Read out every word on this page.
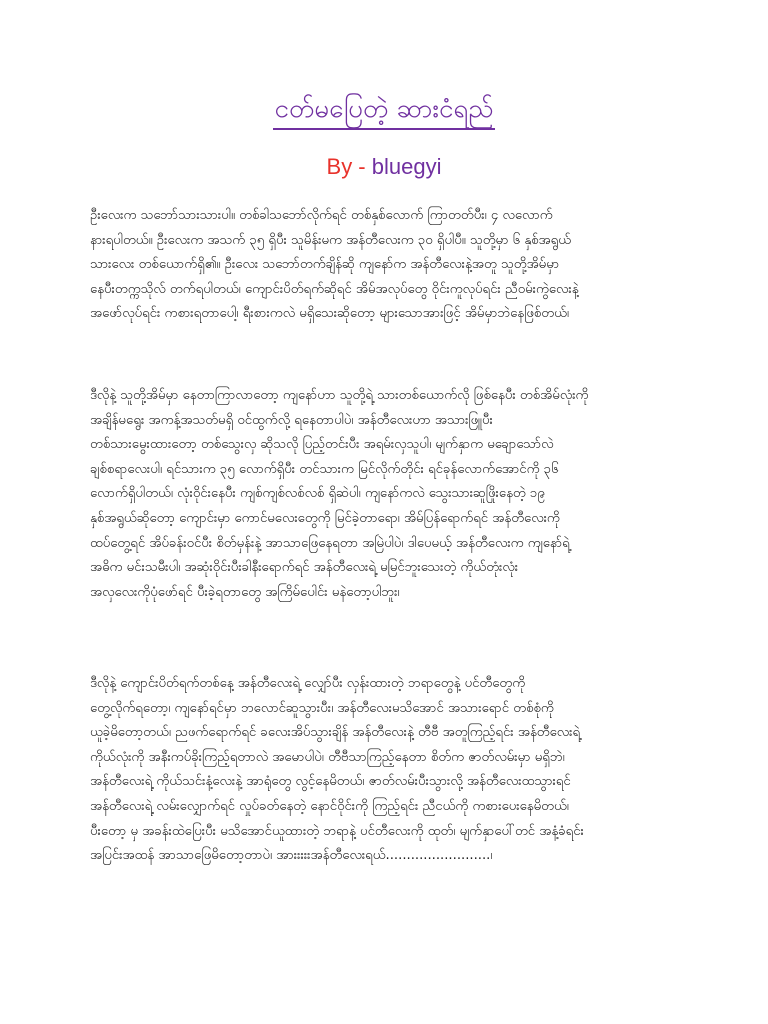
ငတ်မပြေတဲ့ ဆားငံရည်
By - bluegyi
ဦးလေးက သဘော်သားသားပါ။ တစ်ခါသဘော်လိုက်ရင် တစ်နှစ်လောက် ကြာတတ်ပီး၊ ၄ လလောက်
နားရပါတယ်။ ဦးလေးက အသက် ၃၅ ရှိပီး သူမိန်းမက အန်တီလေးက ၃၀ ရှိပါပီ။ သူတို့မှာ ၆ နှစ်အရွယ်
သားလေး တစ်ယောက်ရှိ၏။ ဦးလေး သဘော်တက်ချိန်ဆို ကျနော်က အန်တီလေးနဲ့အတူ သူတို့အိမ်မှာ
နေပီးတက္ကသိုလ် တက်ရပါတယ်၊ ကျောင်းပိတ်ရက်ဆိုရင် အိမ်အလုပ်တွေ ဝိုင်းကူလုပ်ရင်း ညီဝမ်းကွဲလေးနဲ့
အဖော်လုပ်ရင်း ကစားရတာပေါ့၊ ရီးစားကလဲ မရှိသေးဆိုတော့ များသောအားဖြင့် အိမ်မှာဘဲနေဖြစ်တယ်၊
ဒီလိုနဲ့ သူတို့အိမ်မှာ နေတာကြာလာတော့ ကျနော်ဟာ သူတို့ရဲ့ သားတစ်ယောက်လို ဖြစ်နေပီး တစ်အိမ်လုံးကို
အချိန်မရွေး အကန့်အသတ်မရှိ ဝင်ထွက်လို့ ရနေတာပါပဲ၊ အန်တီလေးဟာ အသားဖြူပီး
တစ်သားမွေးထားတော့ တစ်သွေးလှ ဆိုသလို ပြည့်တင်းပီး အရမ်းလှသူပါ၊ မျက်နှာက မချောသော်လဲ
ချစ်စရာလေးပါ၊ ရင်သားက ၃၅ လောက်ရှိပီး တင်သားက မြင်လိုက်တိုင်း ရင်ခုန်လောက်အောင်ကို ၃၆
လောက်ရှိပါတယ်၊ လုံးဝိုင်းနေပီး ကျစ်ကျစ်လစ်လစ် ရှိဆဲပါ၊ ကျနော်ကလဲ သွေးသားဆူဖြိုးနေတဲ့ ၁၉
နှစ်အရွယ်ဆိုတော့ ကျောင်းမှာ ကောင်မလေးတွေကို မြင်ခဲ့တာရော၊ အိမ်ပြန်ရောက်ရင် အန်တီလေးကို
ထပ်တွေ့ရင် အိပ်ခန်းဝင်ပီး စိတ်မှန်းနဲ့ အာသာဖြေနေရတာ အမြဲပါပဲ၊ ဒါပေမယ့် အန်တီလေးက ကျနော်ရဲ့
အဓိက မင်းသမီးပါ၊ အဆုံးဝိုင်းပီးခါနီးရောက်ရင် အန်တီလေးရဲ့ မမြင်ဘူးသေးတဲ့ ကိုယ်တုံးလုံး
အလှလေးကိုပုံဖော်ရင် ပီးခဲ့ရတာတွေ အကြိမ်ပေါင်း မနဲတော့ပါဘူး၊
ဒီလိုနဲ့ ကျောင်းပိတ်ရက်တစ်နေ့ အန်တီလေးရဲ့ လျှော်ပီး လှန်းထားတဲ့ ဘရာတွေနဲ့ ပင်တီတွေကို
တွေ့လိုက်ရတော့၊ ကျနော်ရင်မှာ ဘလောင်ဆူသွားပီး၊ အန်တီလေးမသိအောင် အသားရောင် တစ်စုံကို
ယူခဲ့မိတော့တယ်၊ ညဖက်ရောက်ရင် ခလေးအိပ်သွားချိန် အန်တီလေးနဲ့ တီဗီ အတူကြည့်ရင်း အန်တီလေးရဲ့
ကိုယ်လုံးကို အနီးကပ်ခိုးကြည့်ရတာလဲ အမောပါပဲ၊ တီဗီသာကြည့်နေတာ စိတ်က ဇာတ်လမ်းမှာ မရှိဘဲ၊
အန်တီလေးရဲ့ ကိုယ်သင်းနံ့လေးနဲ့ အာရုံတွေ လွင့်နေမိတယ်၊ ဇာတ်လမ်းပီးသွားလို့ အန်တီလေးထသွားရင်
အန်တီလေးရဲ့ လမ်းလျှောက်ရင် လှုပ်ခတ်နေတဲ့ နောင်ဝိုင်းကို ကြည့်ရင်း ညီငယ်ကို ကစားပေးနေမိတယ်၊
ပီးတော့ မှ အခန်းထဲပြေးပီး မသိအောင်ယူထားတဲ့ ဘရာနဲ့ ပင်တီလေးကို ထုတ်၊ မျက်နှာပေါ်တင် အနံ့ခံရင်း
အပြင်းအထန် အာသာဖြေမိတော့တာပဲ၊ အားးးးးအန်တီလေးရယ်.........................၊
